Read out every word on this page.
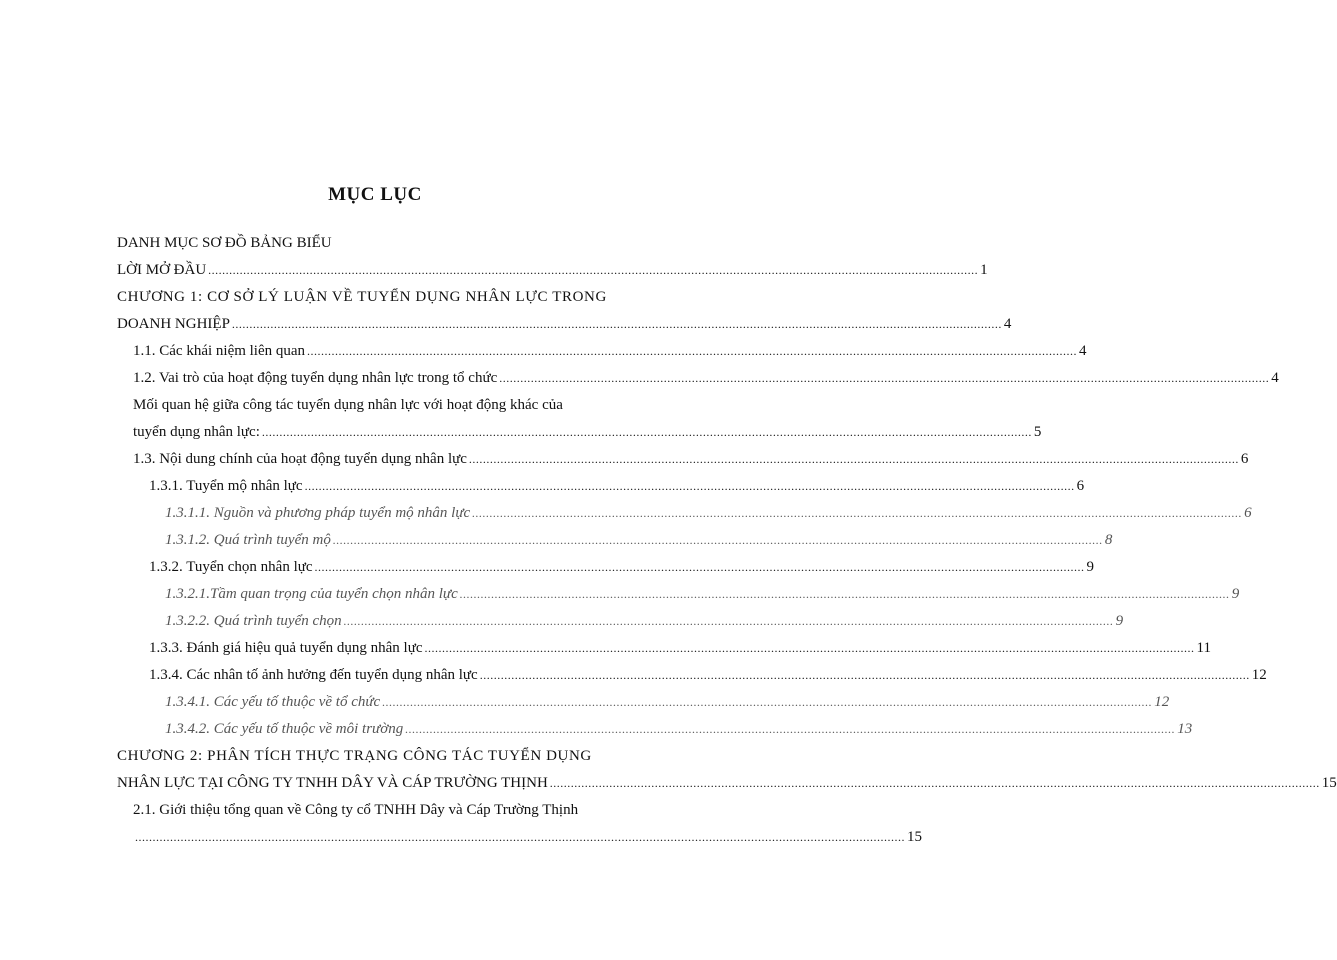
MỤC LỤC
DANH MỤC SƠ ĐỒ BẢNG BIỂU
LỜI MỞ ĐẦU ............................................................................................................................................................................................................................ 1
CHƯƠNG 1: CƠ SỞ LÝ LUẬN VỀ TUYỂN DỤNG NHÂN LỰC TRONG
DOANH NGHIỆP ............................................................................................................................................................................................................................ 4
1.1. Các khái niệm liên quan ............................................................................................................................................................................................................................ 4
1.2. Vai trò của hoạt động tuyển dụng nhân lực trong tổ chức ............................................................................................................................................................................................................................ 4
Mối quan hệ giữa công tác tuyển dụng nhân lực với hoạt động khác của
tuyển dụng nhân lực: ............................................................................................................................................................................................................................ 5
1.3. Nội dung chính của hoạt động tuyển dụng nhân lực ............................................................................................................................................................................................................................ 6
1.3.1. Tuyển mộ nhân lực ............................................................................................................................................................................................................................ 6
1.3.1.1. Nguồn và phương pháp tuyển mộ nhân lực ............................................................................................................................................................................................................................ 6
1.3.1.2. Quá trình tuyển mộ ............................................................................................................................................................................................................................ 8
1.3.2. Tuyển chọn nhân lực ............................................................................................................................................................................................................................ 9
1.3.2.1.Tầm quan trọng của tuyển chọn nhân lực ............................................................................................................................................................................................................................ 9
1.3.2.2. Quá trình tuyển chọn ............................................................................................................................................................................................................................ 9
1.3.3. Đánh giá hiệu quả tuyển dụng nhân lực ............................................................................................................................................................................................................................ 11
1.3.4. Các nhân tố ảnh hưởng đến tuyển dụng nhân lực ............................................................................................................................................................................................................................ 12
1.3.4.1. Các yếu tố thuộc về tổ chức ............................................................................................................................................................................................................................ 12
1.3.4.2. Các yếu tố thuộc về môi trường ............................................................................................................................................................................................................................ 13
CHƯƠNG 2: PHÂN TÍCH THỰC TRẠNG CÔNG TÁC TUYỂN DỤNG
NHÂN LỰC TẠI CÔNG TY TNHH DÂY VÀ CÁP TRƯỜNG THỊNH ............................................................................................................................................................................................................................ 15
2.1. Giới thiệu tổng quan về Công ty cổ TNHH Dây và Cáp Trường Thịnh
............................................................................................................................................................................................................................ 15
